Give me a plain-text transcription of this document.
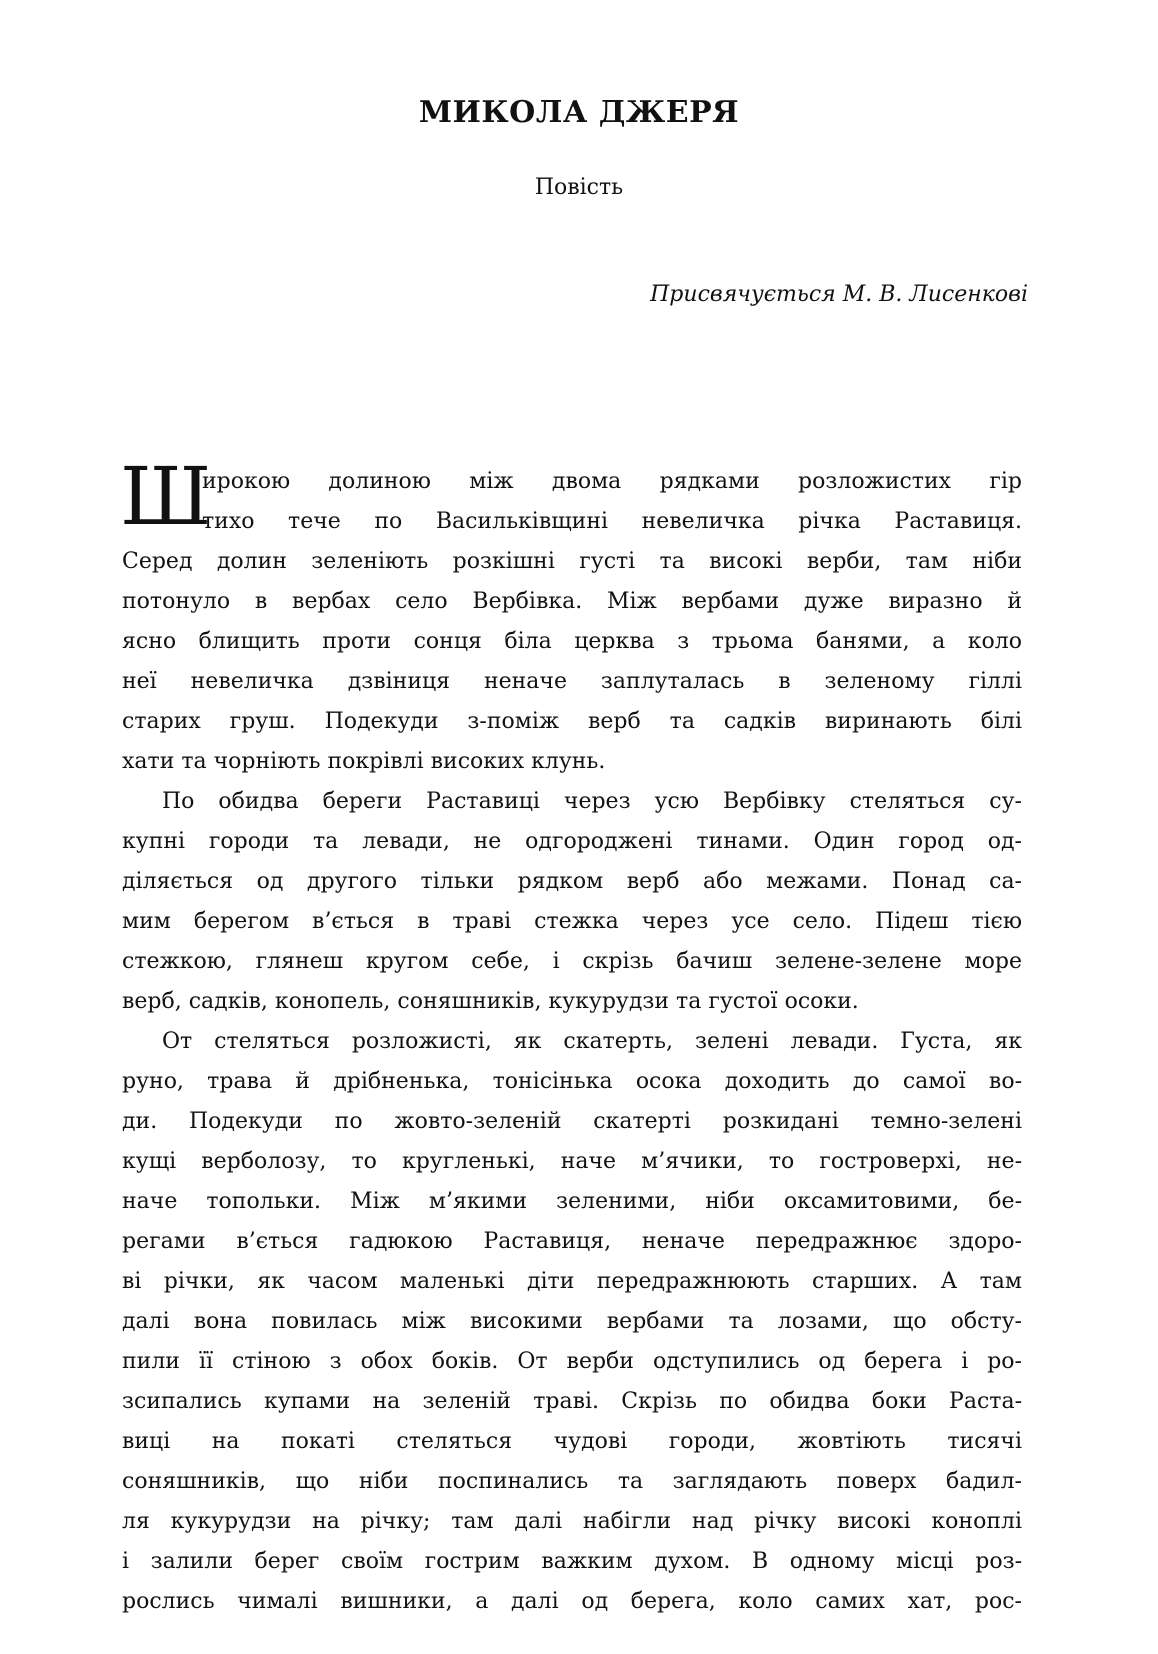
МИКОЛА ДЖЕРЯ

Повість

Присвячується М. В. Лисенкові

Ш
ирокою долиною між двома рядками розложистих гір
тихо тече по Васильківщині невеличка річка Раставиця.
Серед долин зеленіють розкішні густі та високі верби, там ніби
потонуло в вербах село Вербівка. Між вербами дуже виразно й
ясно блищить проти сонця біла церква з трьома банями, а коло
неї невеличка дзвіниця неначе заплуталась в зеленому гіллі
старих груш. Подекуди з-поміж верб та садків виринають білі
хати та чорніють покрівлі високих клунь.
По обидва береги Раставиці через усю Вербівку стеляться су-
купні городи та левади, не одгороджені тинами. Один город од-
діляється од другого тільки рядком верб або межами. Понад са-
мим берегом в’ється в траві стежка через усе село. Підеш тією
стежкою, глянеш кругом себе, і скрізь бачиш зелене-зелене море
верб, садків, конопель, соняшників, кукурудзи та густої осоки.
От стеляться розложисті, як скатерть, зелені левади. Густа, як
руно, трава й дрібненька, тонісінька осока доходить до самої во-
ди. Подекуди по жовто-зеленій скатерті розкидані темно-зелені
кущі верболозу, то кругленькі, наче м’ячики, то гостроверхі, не-
наче топольки. Між м’якими зеленими, ніби оксамитовими, бе-
регами в’ється гадюкою Раставиця, неначе передражнює здоро-
ві річки, як часом маленькі діти передражнюють старших. А там
далі вона повилась між високими вербами та лозами, що обсту-
пили її стіною з обох боків. От верби одступились од берега і ро-
зсипались купами на зеленій траві. Скрізь по обидва боки Раста-
виці на покаті стеляться чудові городи, жовтіють тисячі
соняшників, що ніби поспинались та заглядають поверх бадил-
ля кукурудзи на річку; там далі набігли над річку високі коноплі
і залили берег своїм гострим важким духом. В одному місці роз-
рослись чималі вишники, а далі од берега, коло самих хат, рос-
